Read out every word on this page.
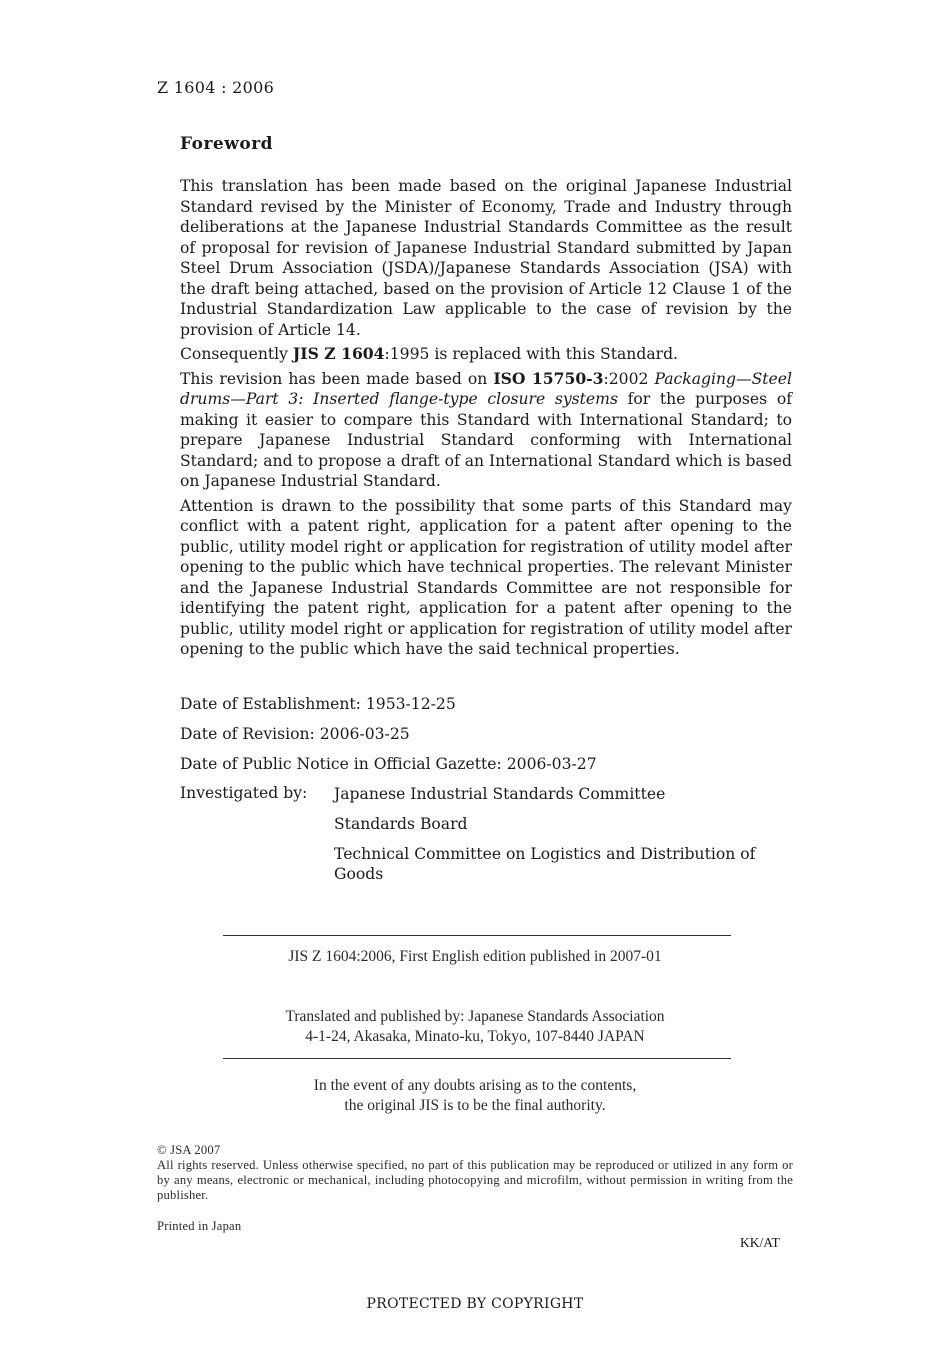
Z 1604 : 2006
Foreword

This translation has been made based on the original Japanese Industrial Standard revised by the Minister of Economy, Trade and Industry through deliberations at the Japanese Industrial Standards Committee as the result of proposal for revision of Japanese Industrial Standard submitted by Japan Steel Drum Association (JSDA)/Japanese Standards Association (JSA) with the draft being attached, based on the provision of Article 12 Clause 1 of the Industrial Standardization Law applicable to the case of revision by the provision of Article 14.

Consequently JIS Z 1604:1995 is replaced with this Standard.

This revision has been made based on ISO 15750-3:2002 Packaging—Steel drums—Part 3: Inserted flange-type closure systems for the purposes of making it easier to compare this Standard with International Standard; to prepare Japanese Industrial Standard conforming with International Standard; and to propose a draft of an International Standard which is based on Japanese Industrial Standard.

Attention is drawn to the possibility that some parts of this Standard may conflict with a patent right, application for a patent after opening to the public, utility model right or application for registration of utility model after opening to the public which have technical properties. The relevant Minister and the Japanese Industrial Standards Committee are not responsible for identifying the patent right, application for a patent after opening to the public, utility model right or application for registration of utility model after opening to the public which have the said technical properties.

Date of Establishment: 1953-12-25
Date of Revision: 2006-03-25
Date of Public Notice in Official Gazette: 2006-03-27
Investigated by:	Japanese Industrial Standards Committee
Standards Board
Technical Committee on Logistics and Distribution of Goods
JIS Z 1604:2006, First English edition published in 2007-01
Translated and published by: Japanese Standards Association
4-1-24, Akasaka, Minato-ku, Tokyo, 107-8440 JAPAN
In the event of any doubts arising as to the contents,
the original JIS is to be the final authority.
© JSA 2007
All rights reserved. Unless otherwise specified, no part of this publication may be reproduced or utilized in any form or by any means, electronic or mechanical, including photocopying and microfilm, without permission in writing from the publisher.
Printed in Japan
KK/AT
PROTECTED BY COPYRIGHT
